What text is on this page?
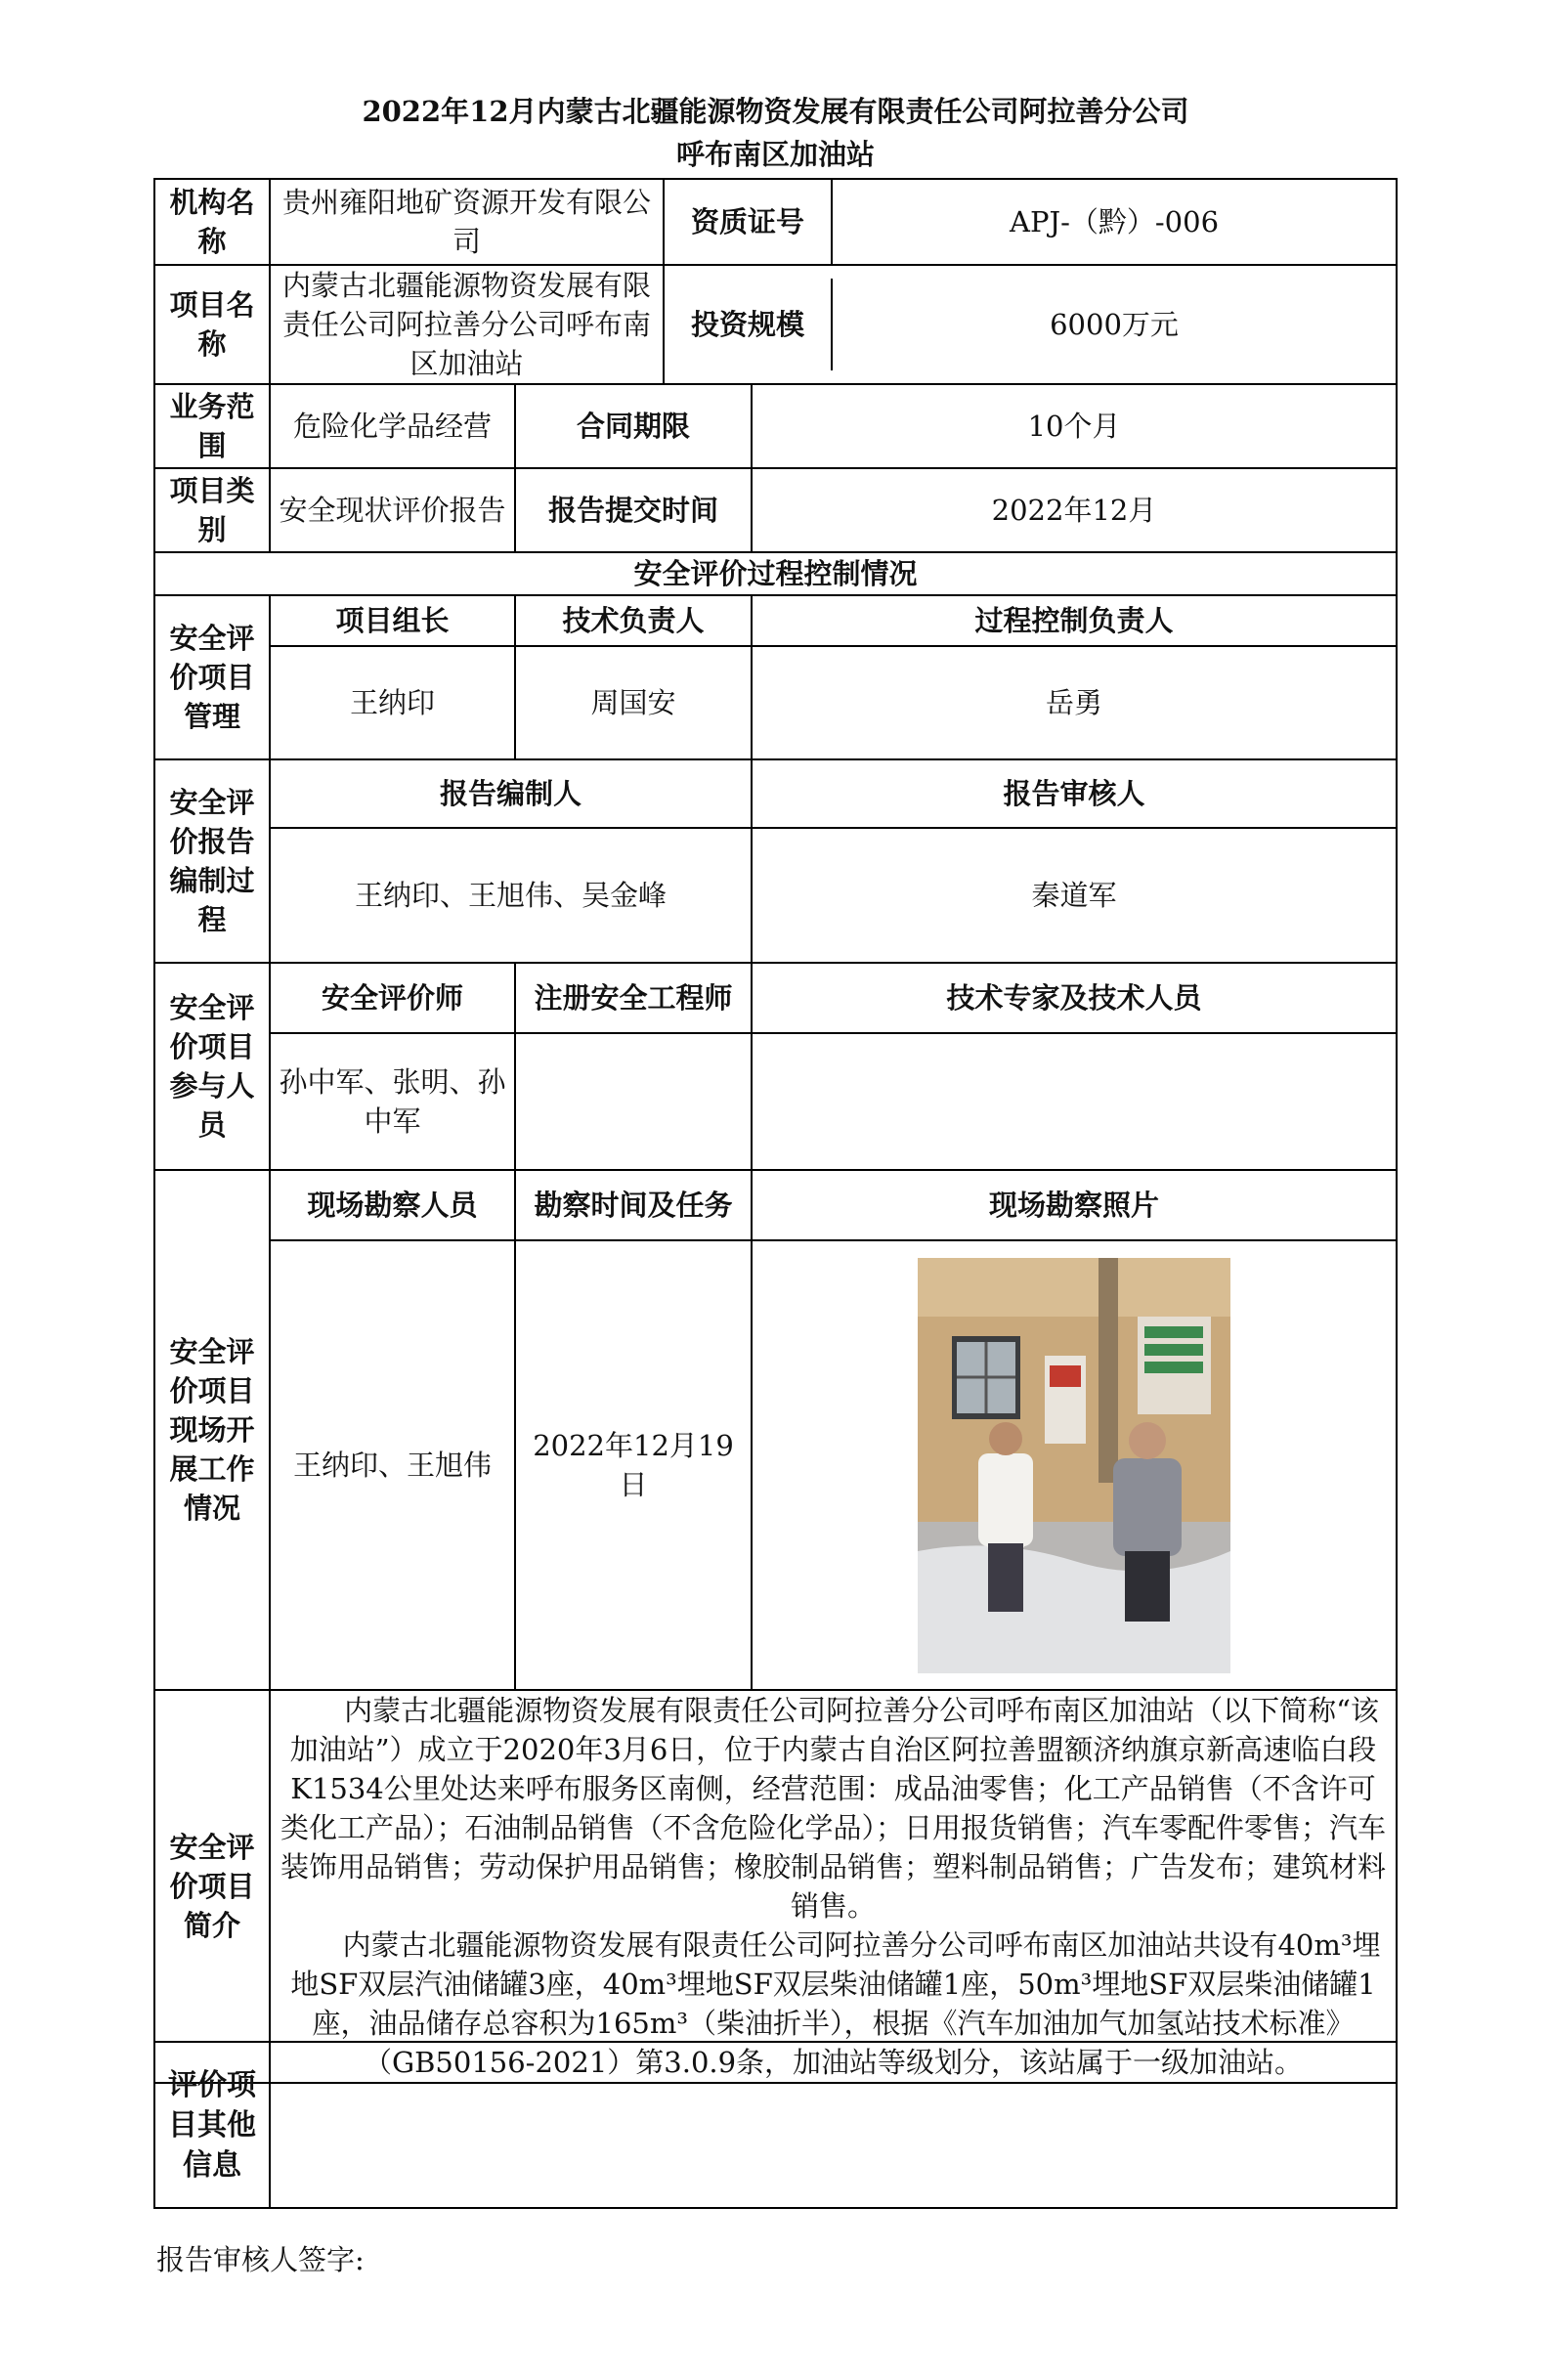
2022年12月内蒙古北疆能源物资发展有限责任公司阿拉善分公司
呼布南区加油站
机构名称	贵州雍阳地矿资源开发有限公司		资质证号 APJ-（黔）-006	

项目名称	内蒙古北疆能源物资发展有限责任公司阿拉善分公司呼布南区加油站		投资规模 6000万元	

业务范围	危险化学品经营	合同期限		10个月
项目类别	安全现状评价报告	报告提交时间		2022年12月
安全评价过程控制情况				
安全评价项目管理	项目组长	技术负责人		过程控制负责人
	王纳印	周国安		岳勇
安全评价报告编制过程	报告编制人			报告审核人
	王纳印、王旭伟、吴金峰			秦道军
安全评价项目参与人员	安全评价师	注册安全工程师		技术专家及技术人员
	孙中军、张明、孙中军			
安全评价项目现场开展工作情况	现场勘察人员	勘察时间及任务		现场勘察照片
	王纳印、王旭伟	2022年12月19日	

安全评价项目简介	内蒙古北疆能源物资发展有限责任公司阿拉善分公司呼布南区加油站（以下简称“该加油站”）成立于2020年3月6日，位于内蒙古自治区阿拉善盟额济纳旗京新高速临白段K1534公里处达来呼布服务区南侧，经营范围：成品油零售；化工产品销售（不含许可类化工产品）；石油制品销售（不含危险化学品）；日用报货销售；汽车零配件零售；汽车装饰用品销售；劳动保护用品销售；橡胶制品销售；塑料制品销售；广告发布；建筑材料销售。

内蒙古北疆能源物资发展有限责任公司阿拉善分公司呼布南区加油站共设有40m³埋地SF双层汽油储罐3座，40m³埋地SF双层柴油储罐1座，50m³埋地SF双层柴油储罐1座，油品储存总容积为165m³（柴油折半），根据《汽车加油加气加氢站技术标准》（GB50156-2021）第3.0.9条，加油站等级划分，该站属于一级加油站。			

评价项目其他信息	
报告审核人签字:
